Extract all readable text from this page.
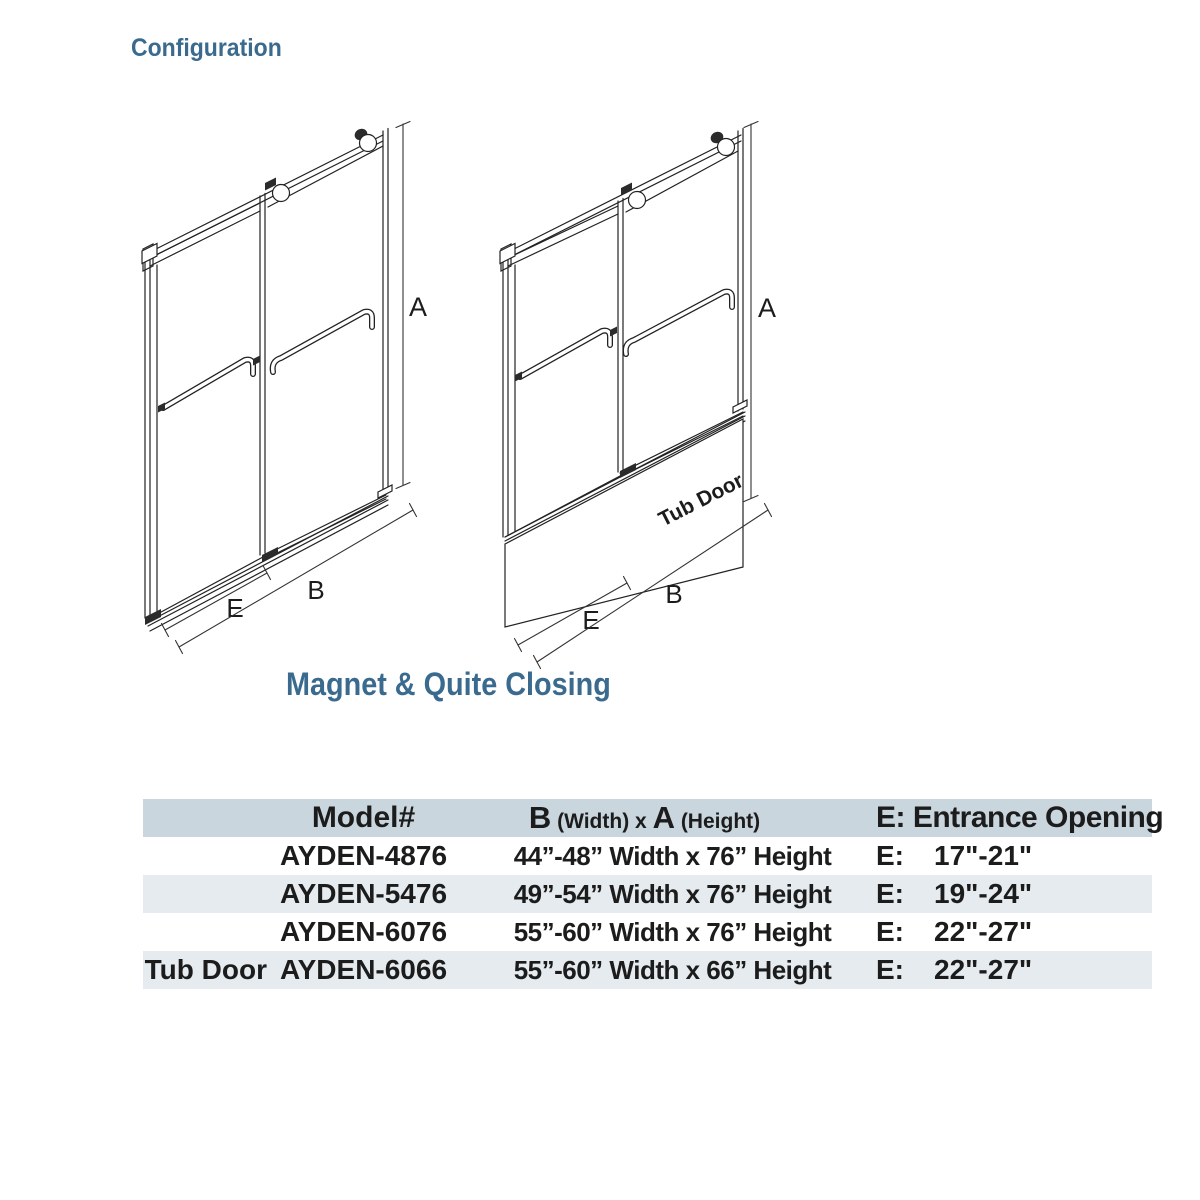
Configuration
A
E
B
Tub Door
A
E
B
Magnet & Quite Closing
Model#	B (Width) x A (Height)	E: Entrance Opening
AYDEN-4876	44”-48” Width x 76” Height	E: 17"-21"
AYDEN-5476	49”-54” Width x 76” Height	E: 19"-24"
AYDEN-6076	55”-60” Width x 76” Height	E: 22"-27"
Tub Door AYDEN-6066	55”-60” Width x 66” Height	E: 22"-27"
